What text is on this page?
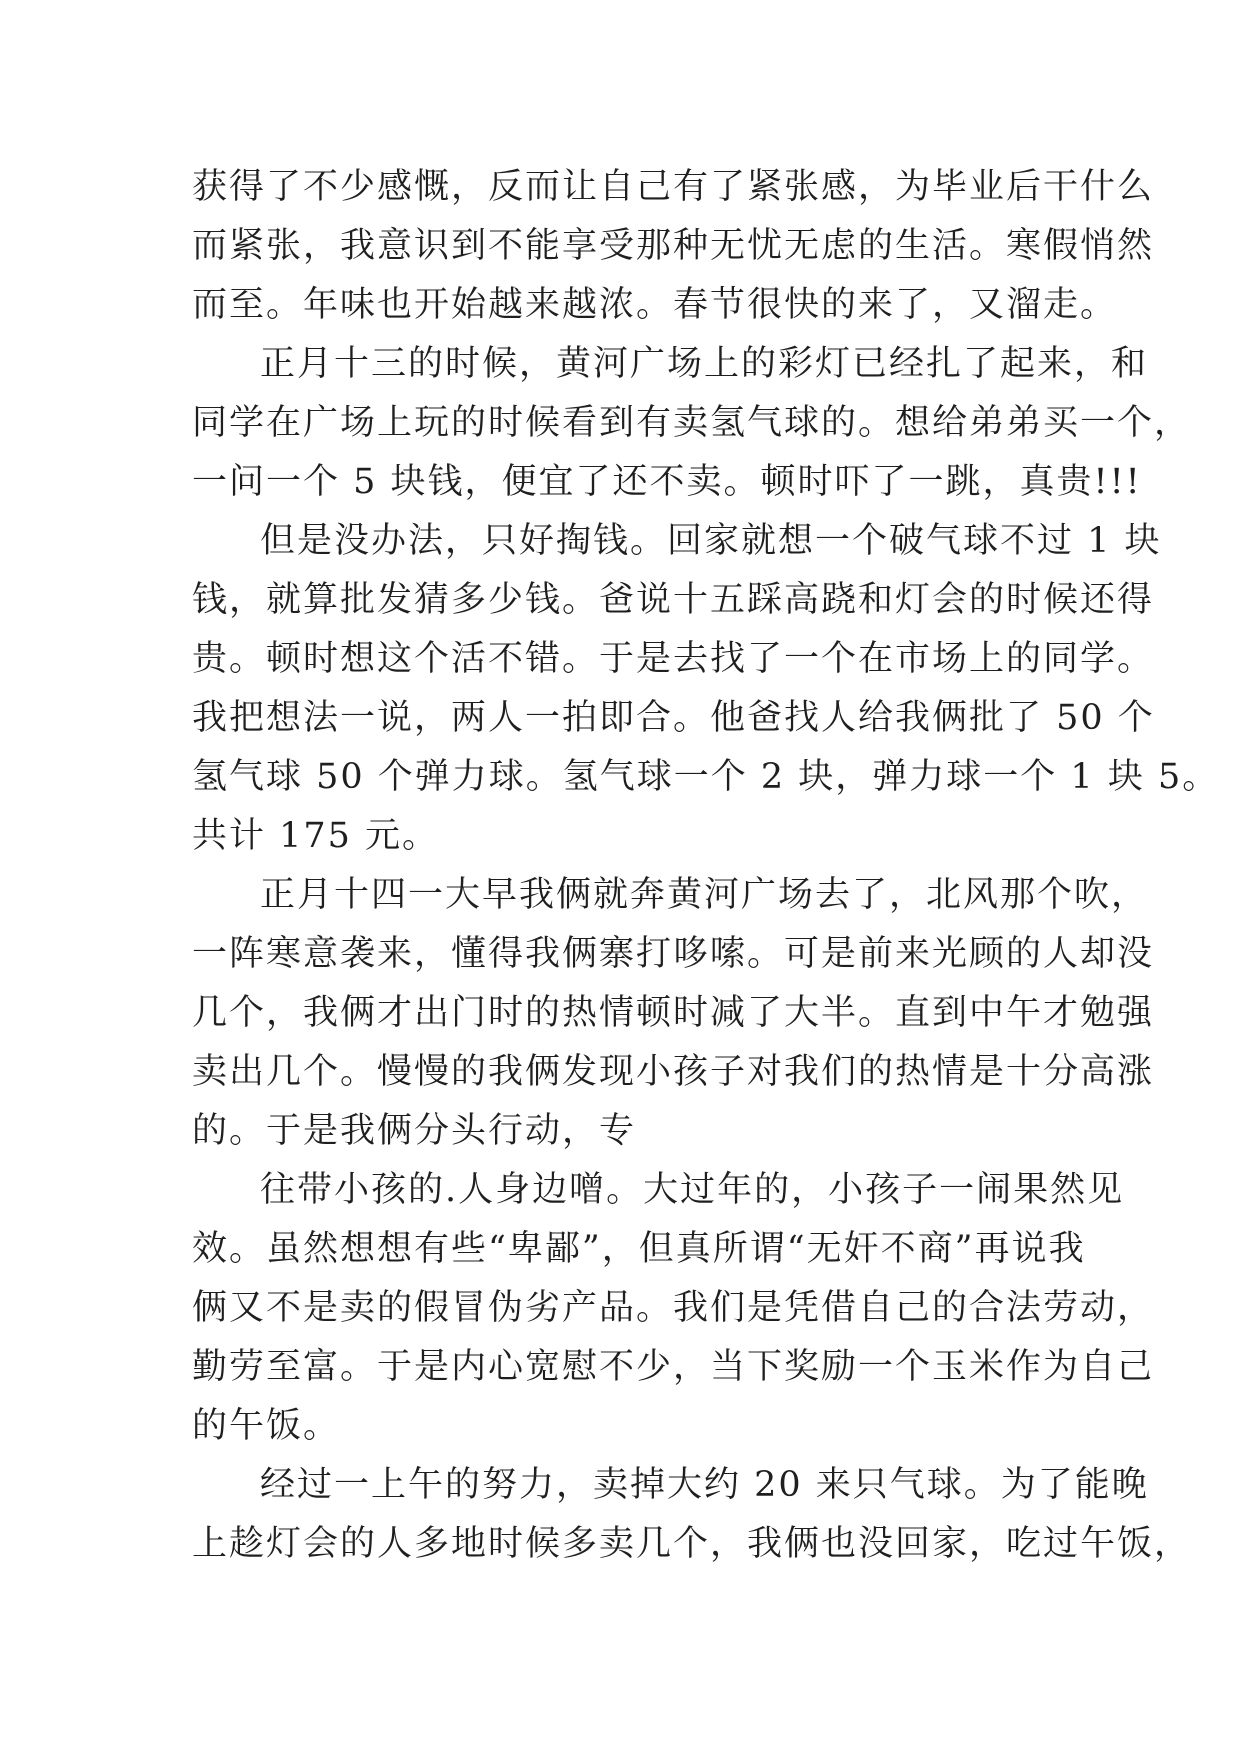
获得了不少感慨，反而让自己有了紧张感，为毕业后干什么
而紧张，我意识到不能享受那种无忧无虑的生活。寒假悄然
而至。年味也开始越来越浓。春节很快的来了，又溜走。

正月十三的时候，黄河广场上的彩灯已经扎了起来，和
同学在广场上玩的时候看到有卖氢气球的。想给弟弟买一个，
一问一个 5 块钱，便宜了还不卖。顿时吓了一跳，真贵!!!

但是没办法，只好掏钱。回家就想一个破气球不过 1 块
钱，就算批发猜多少钱。爸说十五踩高跷和灯会的时候还得
贵。顿时想这个活不错。于是去找了一个在市场上的同学。
我把想法一说，两人一拍即合。他爸找人给我俩批了 50 个
氢气球 50 个弹力球。氢气球一个 2 块，弹力球一个 1 块 5。
共计 175 元。

正月十四一大早我俩就奔黄河广场去了，北风那个吹，
一阵寒意袭来，懂得我俩寨打哆嗦。可是前来光顾的人却没
几个，我俩才出门时的热情顿时减了大半。直到中午才勉强
卖出几个。慢慢的我俩发现小孩子对我们的热情是十分高涨
的。于是我俩分头行动，专

往带小孩的.人身边噌。大过年的，小孩子一闹果然见
效。虽然想想有些“卑鄙”，但真所谓“无奸不商”再说我
俩又不是卖的假冒伪劣产品。我们是凭借自己的合法劳动，
勤劳至富。于是内心宽慰不少，当下奖励一个玉米作为自己
的午饭。

经过一上午的努力，卖掉大约 20 来只气球。为了能晚
上趁灯会的人多地时候多卖几个，我俩也没回家，吃过午饭，
